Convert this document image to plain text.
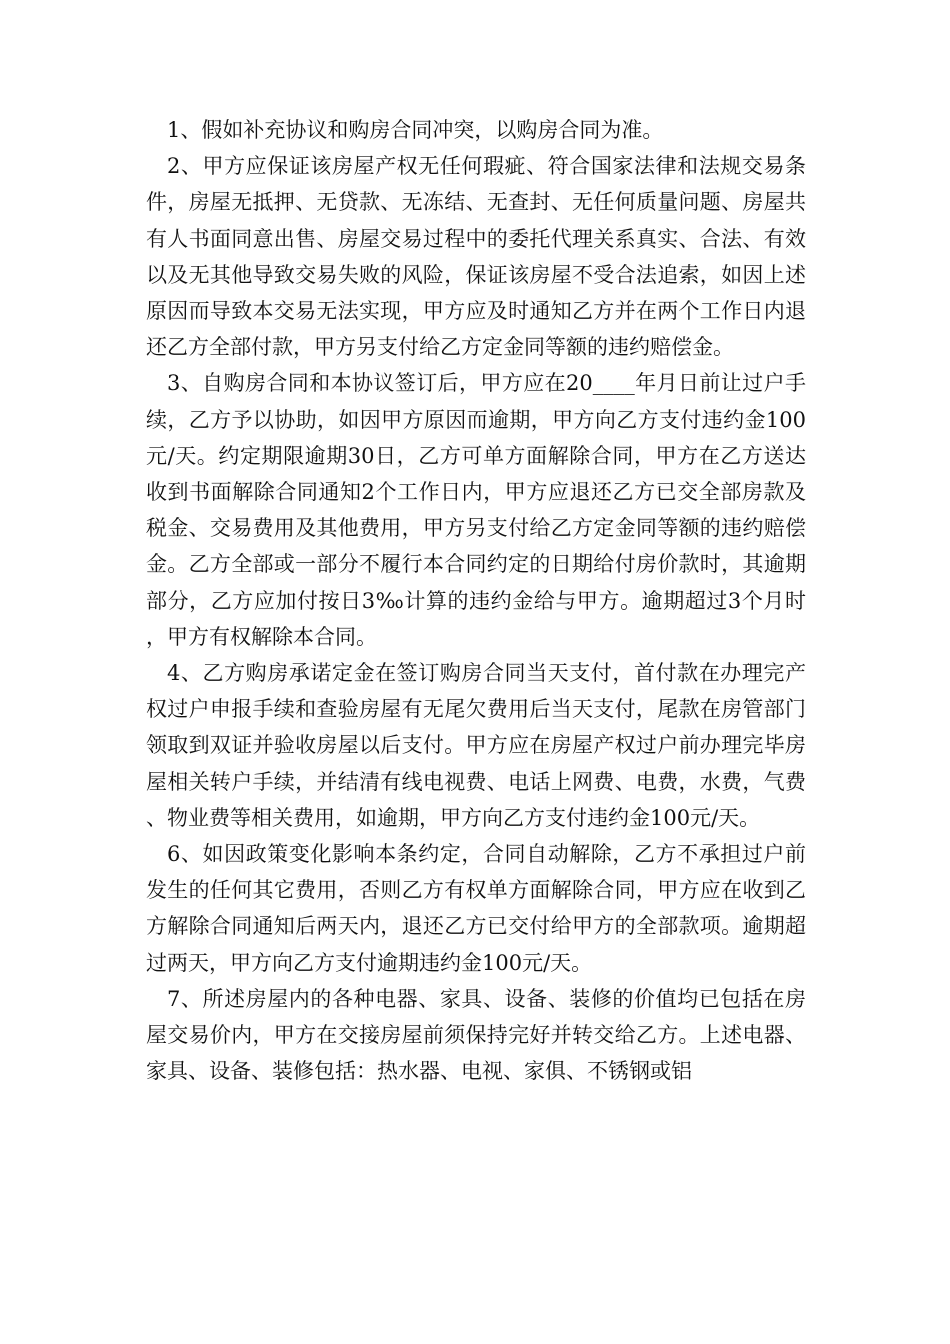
1、假如补充协议和购房合同冲突，以购房合同为准。

2、甲方应保证该房屋产权无任何瑕疵、符合国家法律和法规交易条件，房屋无抵押、无贷款、无冻结、无查封、无任何质量问题、房屋共有人书面同意出售、房屋交易过程中的委托代理关系真实、合法、有效以及无其他导致交易失败的风险，保证该房屋不受合法追索，如因上述原因而导致本交易无法实现，甲方应及时通知乙方并在两个工作日内退还乙方全部付款，甲方另支付给乙方定金同等额的违约赔偿金。

3、自购房合同和本协议签订后，甲方应在20____年月日前让过户手续，乙方予以协助，如因甲方原因而逾期，甲方向乙方支付违约金100元/天。约定期限逾期30日，乙方可单方面解除合同，甲方在乙方送达收到书面解除合同通知2个工作日内，甲方应退还乙方已交全部房款及税金、交易费用及其他费用，甲方另支付给乙方定金同等额的违约赔偿金。乙方全部或一部分不履行本合同约定的日期给付房价款时，其逾期部分，乙方应加付按日3‰计算的违约金给与甲方。逾期超过3个月时，甲方有权解除本合同。

4、乙方购房承诺定金在签订购房合同当天支付，首付款在办理完产权过户申报手续和查验房屋有无尾欠费用后当天支付，尾款在房管部门领取到双证并验收房屋以后支付。甲方应在房屋产权过户前办理完毕房屋相关转户手续，并结清有线电视费、电话上网费、电费，水费，气费、物业费等相关费用，如逾期，甲方向乙方支付违约金100元/天。

6、如因政策变化影响本条约定，合同自动解除，乙方不承担过户前发生的任何其它费用，否则乙方有权单方面解除合同，甲方应在收到乙方解除合同通知后两天内，退还乙方已交付给甲方的全部款项。逾期超过两天，甲方向乙方支付逾期违约金100元/天。

7、所述房屋内的各种电器、家具、设备、装修的价值均已包括在房屋交易价内，甲方在交接房屋前须保持完好并转交给乙方。上述电器、家具、设备、装修包括：热水器、电视、家俱、不锈钢或铝
